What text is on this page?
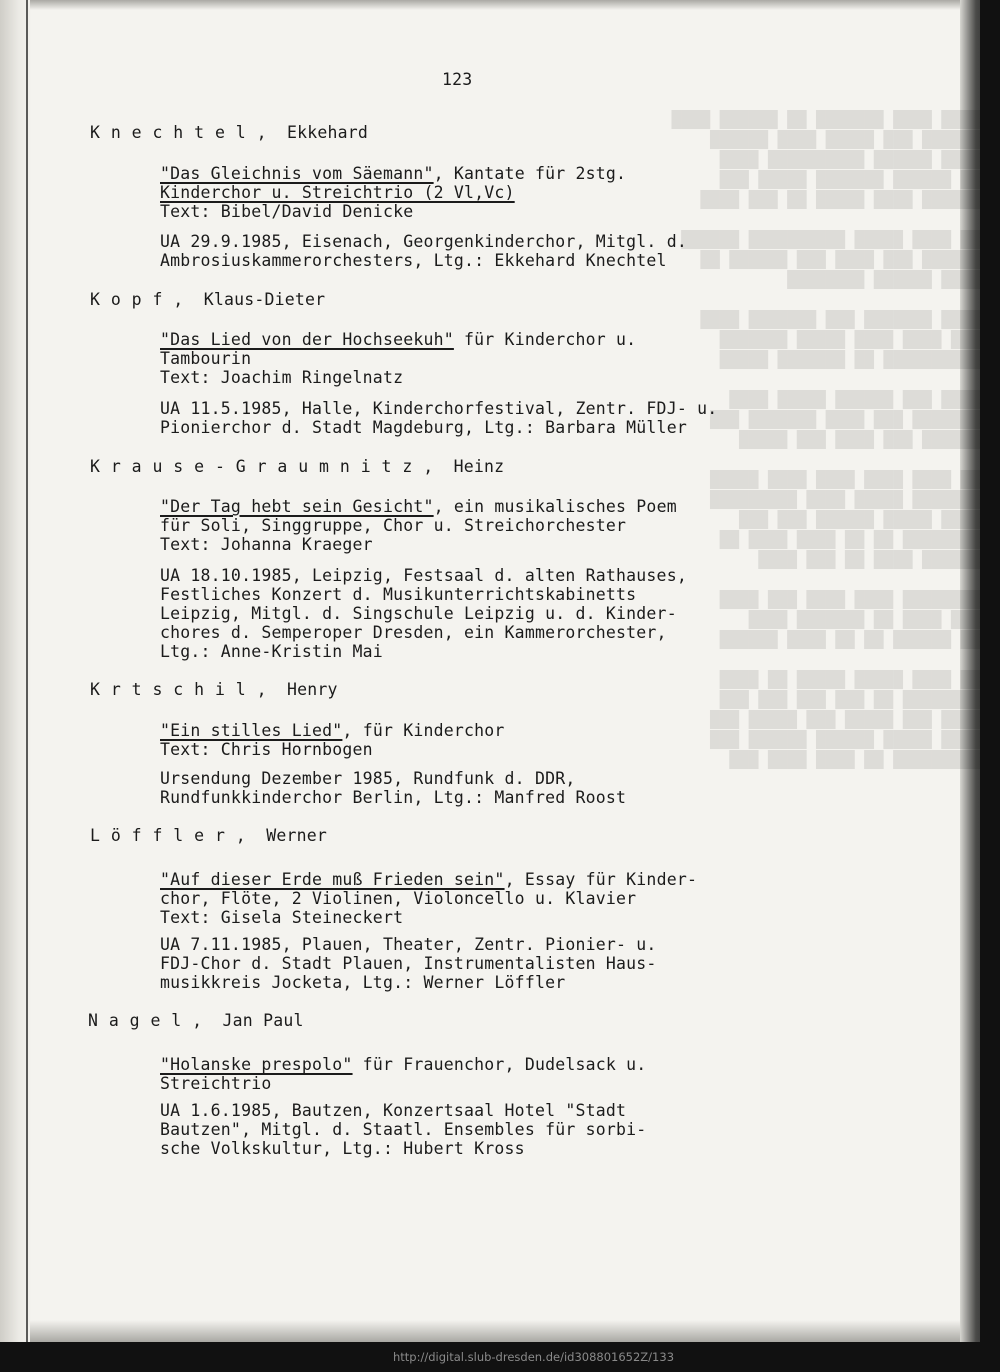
████ ████ ███████ ██ ██████ ████
██████ ███ █████ ████ ██████
████ ██████ ██████████ ████
██ ██████ ███████ █████ ███
██████ ████ █████ ██ ███ ████

██ ████ █████ ██████████ ██████
██████ ███ ████ ███ ██████ ██
████ ██████ ████████

████ ███████ ███ ███████ ████
███ ████ ████ █████ ███████
██████████ ██ ███████ █████

████ ███ ██████ █████ ████
███████ ███ ████ ███████ ███
██████ ███ ████ ███ █████

██ ████ ████ ████ ████ █████
███████ █████ ████ █████████
████ █████ ██████ ███ ███
████████ ██ ██ ████ ████ ██
██████ ████ ██ ███ ████

████████ ████ ████ ███ ████
███ ████ ██ ███████ ████
██ ██████ ██ ██ ████ ██████

██ ████ █████ █████ ██ ████
████████ ██ ███ ███ ███ ███
████ ███ █████ ███ █████ ███
████ █████ ██████ ██████ ███
█████████ ██ ████ ████ ███
123
Knechtel,  Ekkehard
"Das Gleichnis vom Säemann", Kantate für 2stg.
Kinderchor u. Streichtrio (2 Vl,Vc)
Text: Bibel/David Denicke
UA 29.9.1985, Eisenach, Georgenkinderchor, Mitgl. d.
Ambrosiuskammerorchesters, Ltg.: Ekkehard Knechtel
Kopf,  Klaus-Dieter
"Das Lied von der Hochseekuh" für Kinderchor u.
Tambourin
Text: Joachim Ringelnatz
UA 11.5.1985, Halle, Kinderchorfestival, Zentr. FDJ- u.
Pionierchor d. Stadt Magdeburg, Ltg.: Barbara Müller
Krause-Graumnitz,  Heinz
"Der Tag hebt sein Gesicht", ein musikalisches Poem
für Soli, Singgruppe, Chor u. Streichorchester
Text: Johanna Kraeger
UA 18.10.1985, Leipzig, Festsaal d. alten Rathauses,
Festliches Konzert d. Musikunterrichtskabinetts
Leipzig, Mitgl. d. Singschule Leipzig u. d. Kinder-
chores d. Semperoper Dresden, ein Kammerorchester,
Ltg.: Anne-Kristin Mai
Krtschil,  Henry
"Ein stilles Lied", für Kinderchor
Text: Chris Hornbogen
Ursendung Dezember 1985, Rundfunk d. DDR,
Rundfunkkinderchor Berlin, Ltg.: Manfred Roost
Löffler,  Werner
"Auf dieser Erde muß Frieden sein", Essay für Kinder-
chor, Flöte, 2 Violinen, Violoncello u. Klavier
Text: Gisela Steineckert
UA 7.11.1985, Plauen, Theater, Zentr. Pionier- u.
FDJ-Chor d. Stadt Plauen, Instrumentalisten Haus-
musikkreis Jocketa, Ltg.: Werner Löffler
Nagel,  Jan Paul
"Holanske prespolo" für Frauenchor, Dudelsack u.
Streichtrio
UA 1.6.1985, Bautzen, Konzertsaal Hotel "Stadt
Bautzen", Mitgl. d. Staatl. Ensembles für sorbi-
sche Volkskultur, Ltg.: Hubert Kross
http://digital.slub-dresden.de/id308801652Z/133
